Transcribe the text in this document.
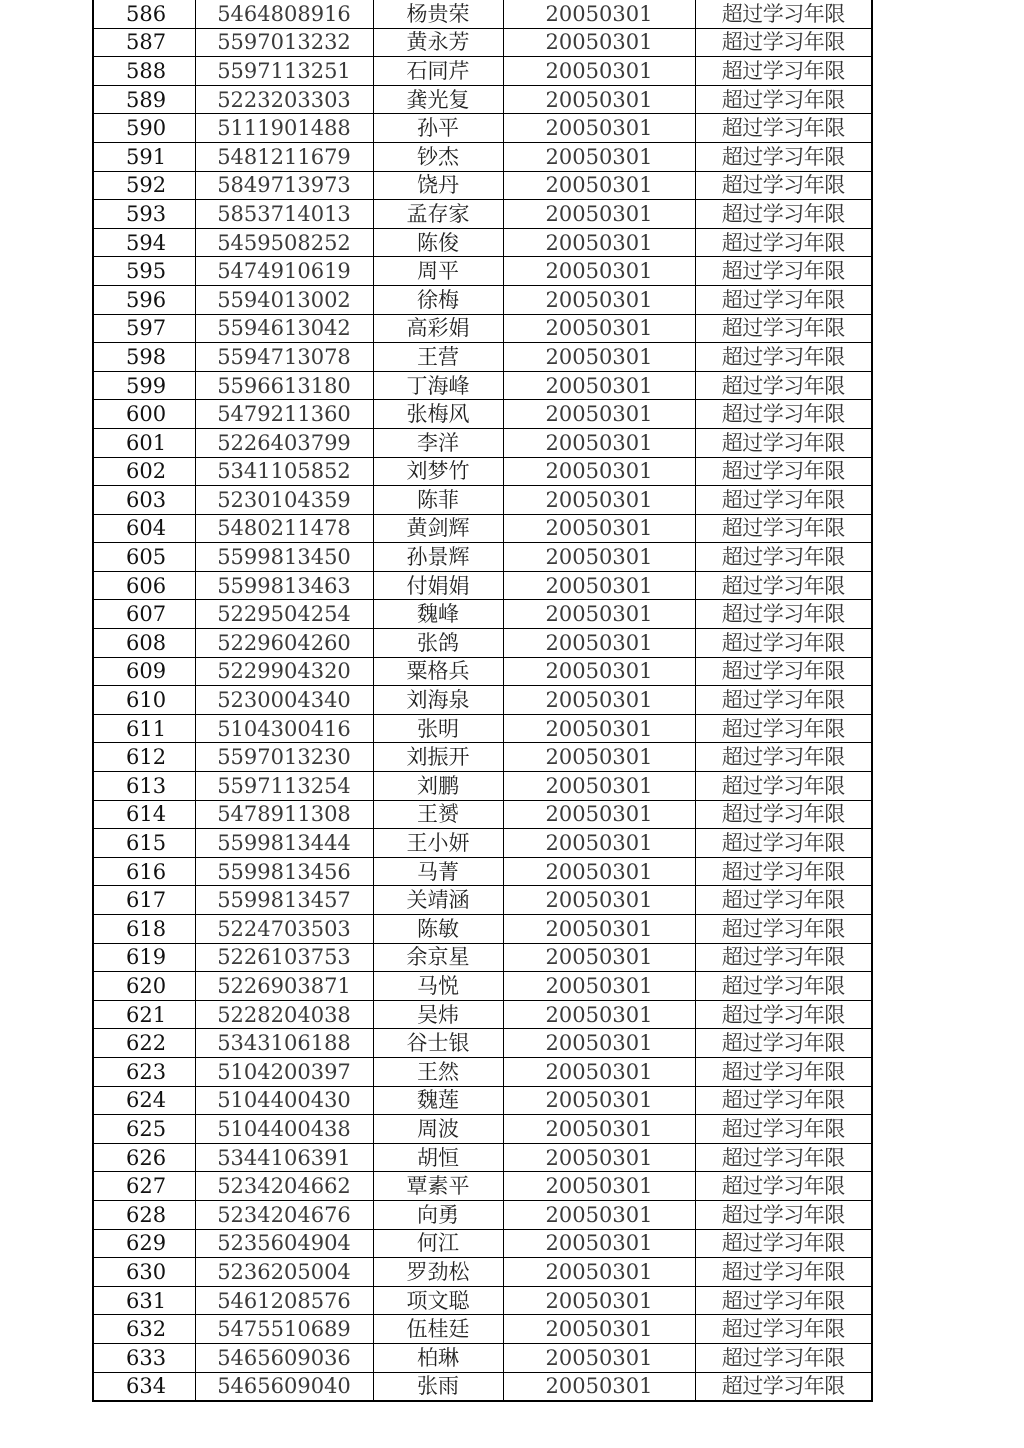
586	5464808916	杨贵荣	20050301	超过学习年限
587	5597013232	黄永芳	20050301	超过学习年限
588	5597113251	石同芹	20050301	超过学习年限
589	5223203303	龚光复	20050301	超过学习年限
590	5111901488	孙平	20050301	超过学习年限
591	5481211679	钞杰	20050301	超过学习年限
592	5849713973	饶丹	20050301	超过学习年限
593	5853714013	孟存家	20050301	超过学习年限
594	5459508252	陈俊	20050301	超过学习年限
595	5474910619	周平	20050301	超过学习年限
596	5594013002	徐梅	20050301	超过学习年限
597	5594613042	高彩娟	20050301	超过学习年限
598	5594713078	王营	20050301	超过学习年限
599	5596613180	丁海峰	20050301	超过学习年限
600	5479211360	张梅风	20050301	超过学习年限
601	5226403799	李洋	20050301	超过学习年限
602	5341105852	刘梦竹	20050301	超过学习年限
603	5230104359	陈菲	20050301	超过学习年限
604	5480211478	黄剑辉	20050301	超过学习年限
605	5599813450	孙景辉	20050301	超过学习年限
606	5599813463	付娟娟	20050301	超过学习年限
607	5229504254	魏峰	20050301	超过学习年限
608	5229604260	张鸽	20050301	超过学习年限
609	5229904320	粟格兵	20050301	超过学习年限
610	5230004340	刘海泉	20050301	超过学习年限
611	5104300416	张明	20050301	超过学习年限
612	5597013230	刘振开	20050301	超过学习年限
613	5597113254	刘鹏	20050301	超过学习年限
614	5478911308	王赟	20050301	超过学习年限
615	5599813444	王小妍	20050301	超过学习年限
616	5599813456	马菁	20050301	超过学习年限
617	5599813457	关靖涵	20050301	超过学习年限
618	5224703503	陈敏	20050301	超过学习年限
619	5226103753	余京星	20050301	超过学习年限
620	5226903871	马悦	20050301	超过学习年限
621	5228204038	吴炜	20050301	超过学习年限
622	5343106188	谷士银	20050301	超过学习年限
623	5104200397	王然	20050301	超过学习年限
624	5104400430	魏莲	20050301	超过学习年限
625	5104400438	周波	20050301	超过学习年限
626	5344106391	胡恒	20050301	超过学习年限
627	5234204662	覃素平	20050301	超过学习年限
628	5234204676	向勇	20050301	超过学习年限
629	5235604904	何江	20050301	超过学习年限
630	5236205004	罗劲松	20050301	超过学习年限
631	5461208576	项文聪	20050301	超过学习年限
632	5475510689	伍桂廷	20050301	超过学习年限
633	5465609036	柏琳	20050301	超过学习年限
634	5465609040	张雨	20050301	超过学习年限
